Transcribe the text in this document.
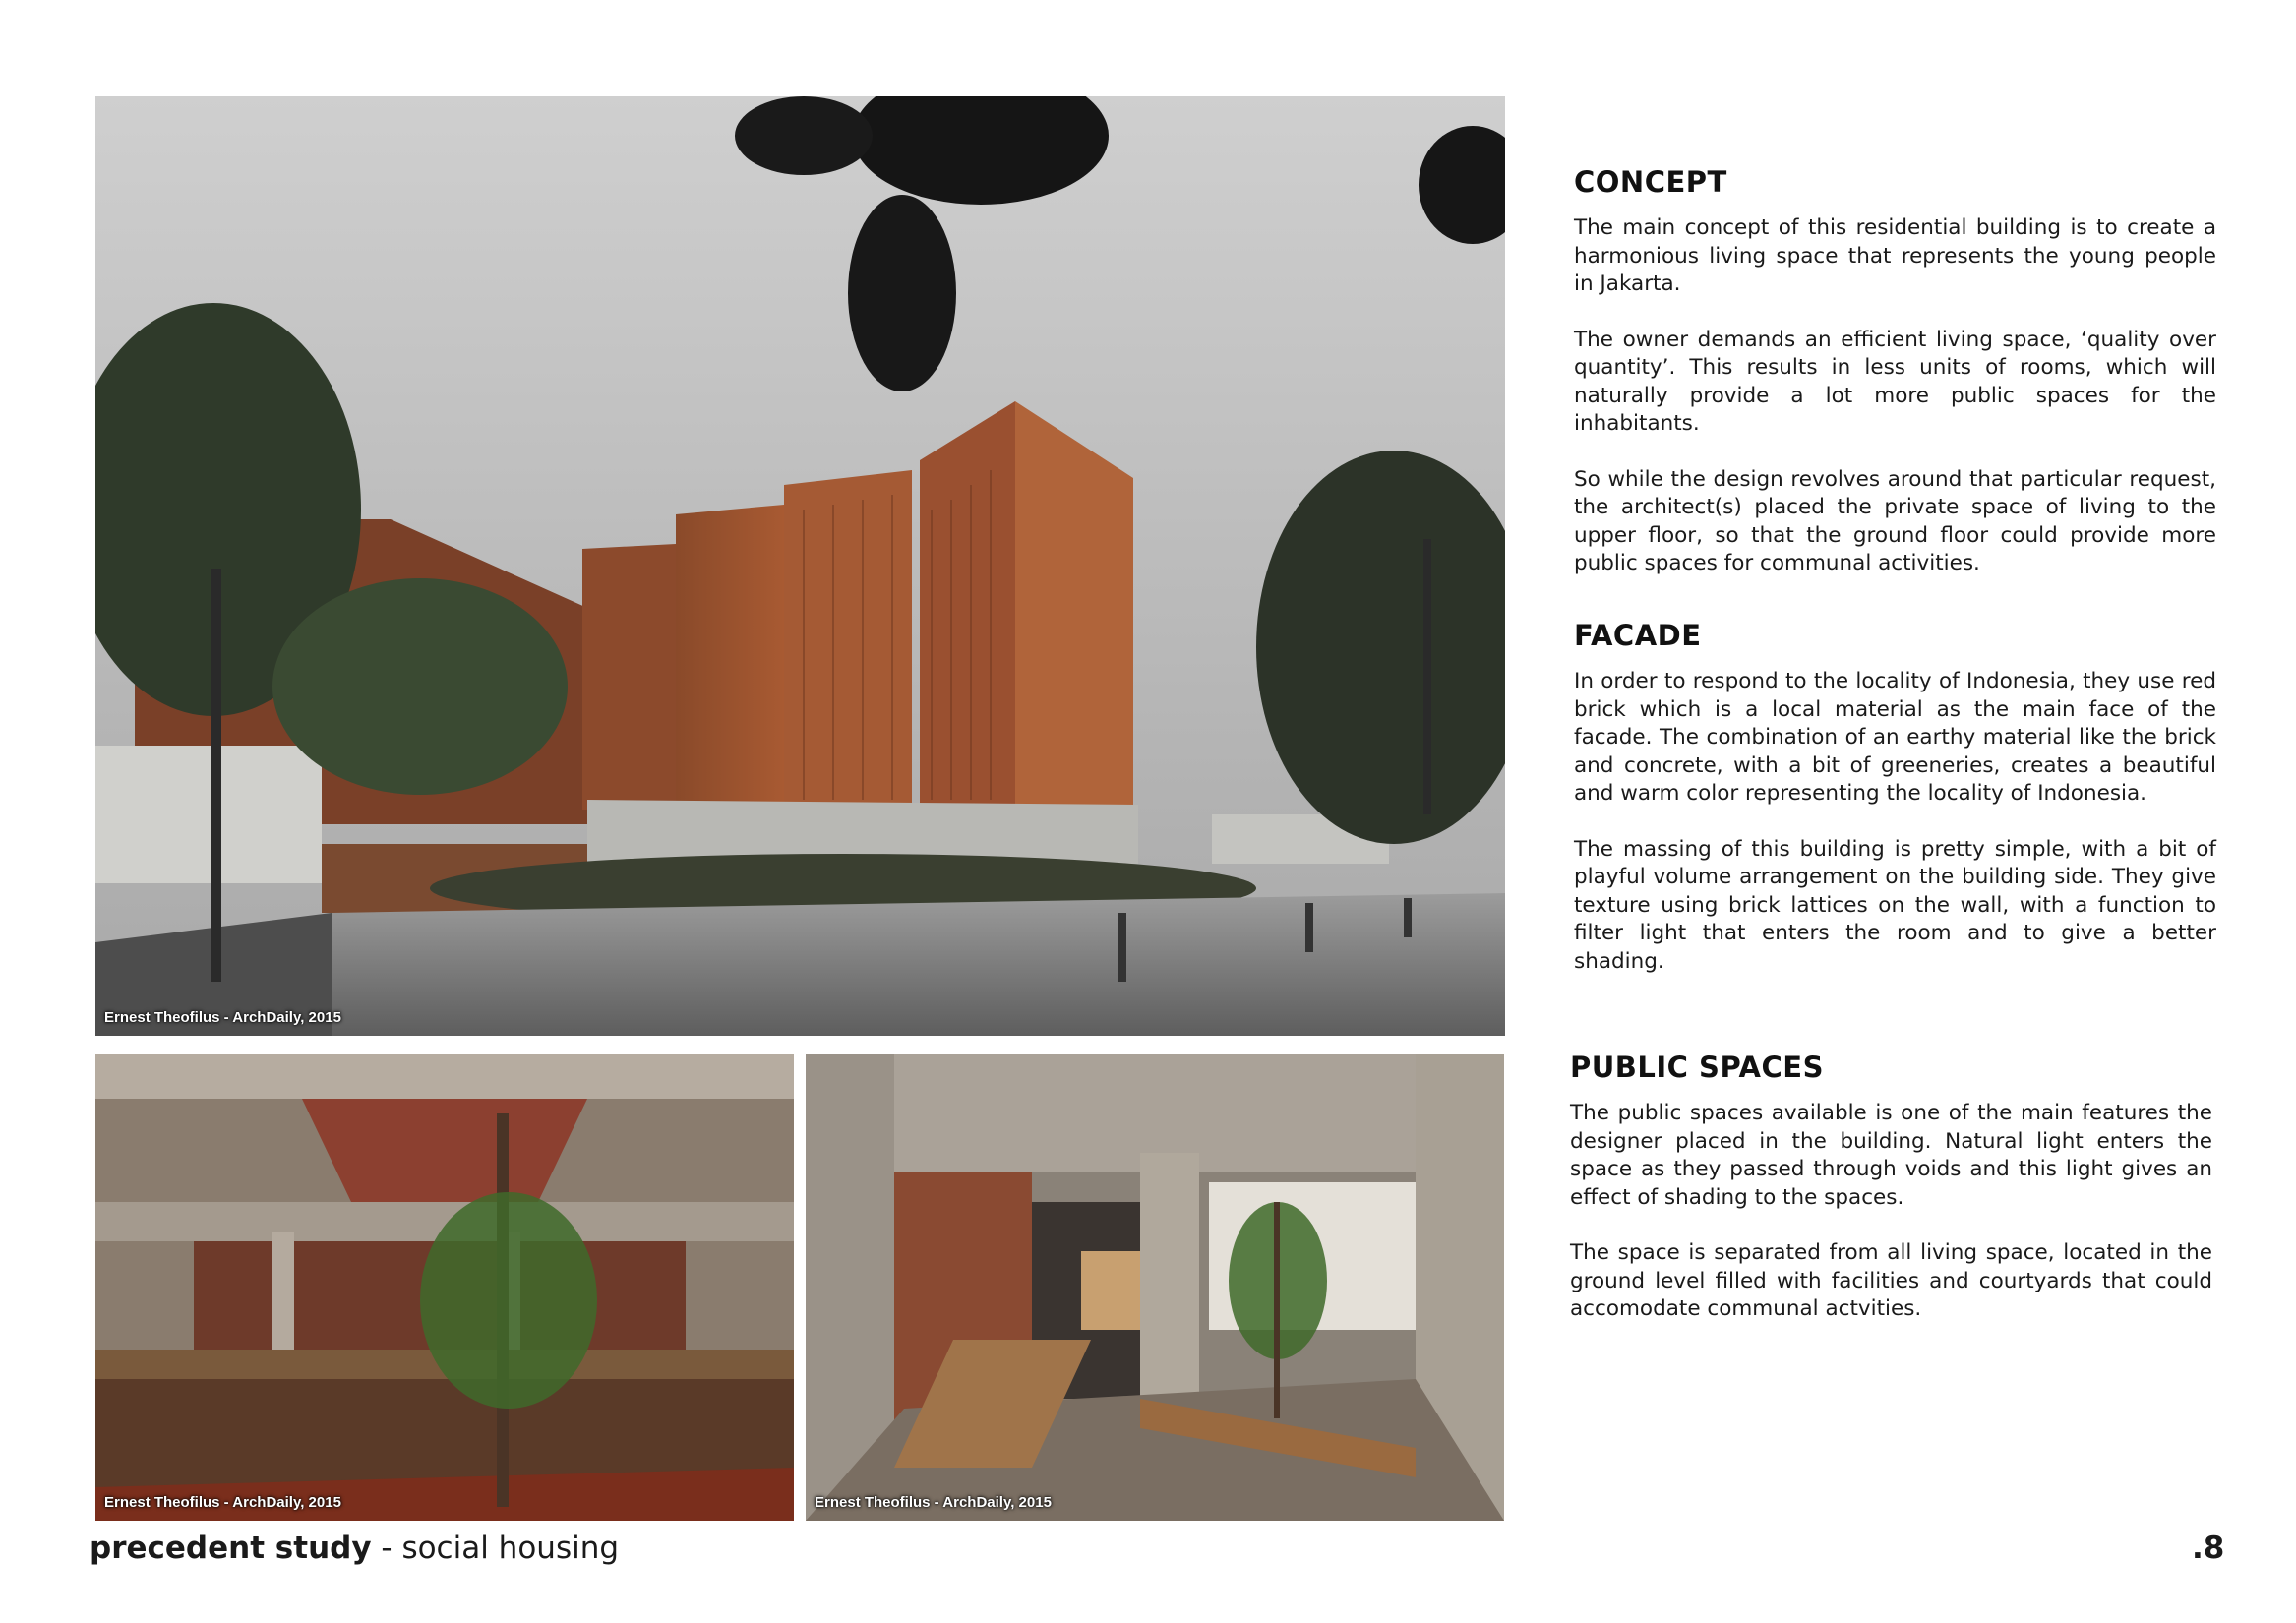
Ernest Theofilus - ArchDaily, 2015
Ernest Theofilus - ArchDaily, 2015	Ernest Theofilus - ArchDaily, 2015
CONCEPT

The main concept of this residential building is to create a harmonious living space that represents the young people in Jakarta.

The owner demands an efficient living space, ‘quality over quantity’. This results in less units of rooms, which will naturally provide a lot more public spaces for the inhabitants.

So while the design revolves around that particular request, the architect(s) placed the private space of living to the upper floor, so that the ground floor could provide more public spaces for communal activities.

FACADE

In order to respond to the locality of Indonesia, they use red brick which is a local material as the main face of the facade. The combination of an earthy material like the brick and concrete, with a bit of greeneries, creates a beautiful and warm color representing the locality of Indonesia.

The massing of this building is pretty simple, with a bit of playful volume arrangement on the building side. They give texture using brick lattices on the wall, with a function to filter light that enters the room and to give a better shading.

PUBLIC SPACES

The public spaces available is one of the main features the designer placed in the building. Natural light enters the space as they passed through voids and this light gives an effect of shading to the spaces.

The space is separated from all living space, located in the ground level filled with facilities and courtyards that could accomodate communal actvities.

precedent study - social housing	.8
